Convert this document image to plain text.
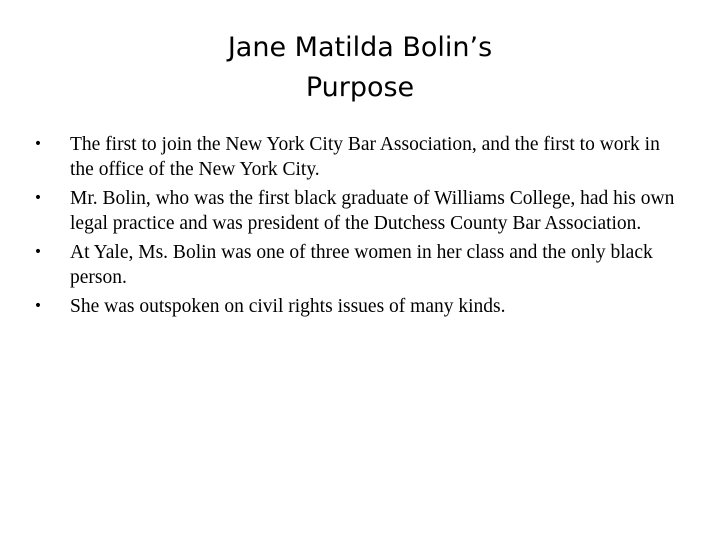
Jane Matilda Bolin’s
Purpose
•	The first to join the New York City Bar Association, and the first to work in the office of the New York City.
•	Mr. Bolin, who was the first black graduate of Williams College, had his own legal practice and was president of the Dutchess County Bar Association.
•	At Yale, Ms. Bolin was one of three women in her class and the only black person.
•	She was outspoken on civil rights issues of many kinds.
